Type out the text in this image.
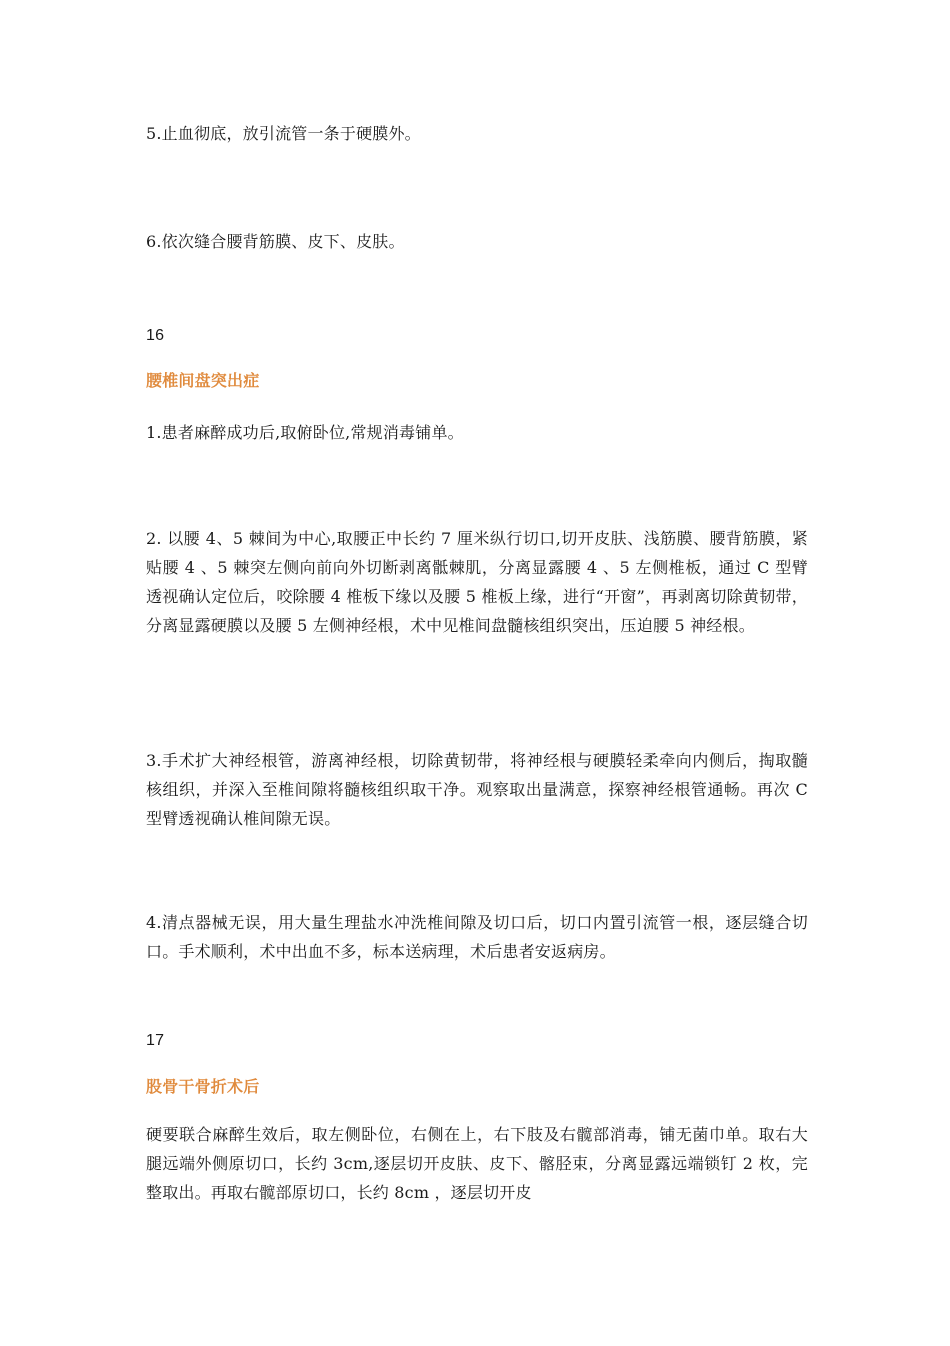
5.止血彻底，放引流管一条于硬膜外。

6.依次缝合腰背筋膜、皮下、皮肤。

16

腰椎间盘突出症

1.患者麻醉成功后,取俯卧位,常规消毒铺单。

2. 以腰 4、5 棘间为中心,取腰正中长约 7 厘米纵行切口,切开皮肤、浅筋膜、腰背筋膜，紧贴腰 4 、5 棘突左侧向前向外切断剥离骶棘肌，分离显露腰 4 、5 左侧椎板，通过 C 型臂透视确认定位后，咬除腰 4 椎板下缘以及腰 5 椎板上缘，进行“开窗”，再剥离切除黄韧带，分离显露硬膜以及腰 5 左侧神经根，术中见椎间盘髓核组织突出，压迫腰 5 神经根。

3.手术扩大神经根管，游离神经根，切除黄韧带，将神经根与硬膜轻柔牵向内侧后，掏取髓核组织，并深入至椎间隙将髓核组织取干净。观察取出量满意，探察神经根管通畅。再次 C 型臂透视确认椎间隙无误。

4.清点器械无误，用大量生理盐水冲洗椎间隙及切口后，切口内置引流管一根，逐层缝合切口。手术顺利，术中出血不多，标本送病理，术后患者安返病房。

17

股骨干骨折术后

硬要联合麻醉生效后，取左侧卧位，右侧在上，右下肢及右髋部消毒，铺无菌巾单。取右大腿远端外侧原切口，长约 3cm,逐层切开皮肤、皮下、髂胫束，分离显露远端锁钉 2 枚，完整取出。再取右髋部原切口，长约 8cm ，逐层切开皮
